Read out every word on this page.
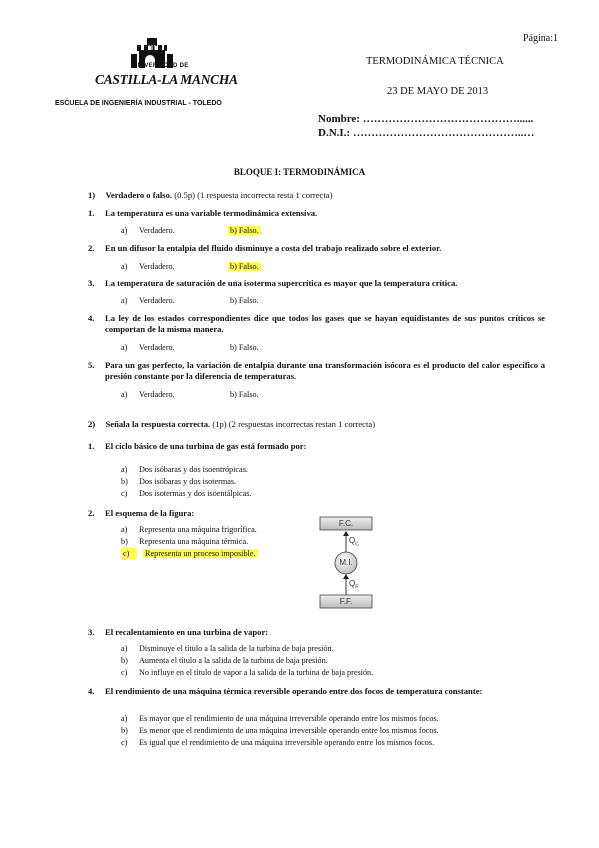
Página:1
UNIVERSIDAD DE
CASTILLA-LA MANCHA
ESCUELA DE INGENIERÍA INDUSTRIAL - TOLEDO
TERMODINÁMICA TÉCNICA
23 DE MAYO DE 2013
Nombre: ……………………………………......
D.N.I.: ………………………………………..…
BLOQUE I: TERMODINÁMICA
1) Verdadero o falso. (0.5p) (1 respuesta incorrecta resta 1 correcta)
1. La temperatura es una variable termodinámica extensiva.
a) Verdadero.	b) Falso.
2. En un difusor la entalpía del fluido disminuye a costa del trabajo realizado sobre el exterior.
a) Verdadero.	b) Falso.
3. La temperatura de saturación de una isoterma supercrítica es mayor que la temperatura crítica.
a) Verdadero.	b) Falso.
4. La ley de los estados correspondientes dice que todos los gases que se hayan equidistantes de sus puntos críticos se comportan de la misma manera.
a) Verdadero.	b) Falso.
5. Para un gas perfecto, la variación de entalpía durante una transformación isócora es el producto del calor específico a presión constante por la diferencia de temperaturas.
a) Verdadero.	b) Falso.
2) Señala la respuesta correcta. (1p) (2 respuestas incorrectas restan 1 correcta)
1. El ciclo básico de una turbina de gas está formado por:
a) Dos isóbaras y dos isoentrópicas.
b) Dos isóbaras y dos isotermas.
c) Dos isotermas y dos isoentálpicas.
2. El esquema de la figura:
a) Representa una máquina frigorífica.
b) Representa una máquina térmica.
c) Representa un proceso imposible.
F.C.
M.I.
F.F.
$Q_C$
$Q_F$
3. El recalentamiento en una turbina de vapor:
a) Disminuye el título a la salida de la turbina de baja presión.
b) Aumenta el título a la salida de la turbina de baja presión.
c) No influye en el título de vapor a la salida de la turbina de baja presión.
4. El rendimiento de una máquina térmica reversible operando entre dos focos de temperatura constante:
a) Es mayor que el rendimiento de una máquina irreversible operando entre los mismos focos.
b) Es menor que el rendimiento de una máquina irreversible operando entre los mismos focos.
c) Es igual que el rendimiento de una máquina irreversible operando entre los mismos focos.
